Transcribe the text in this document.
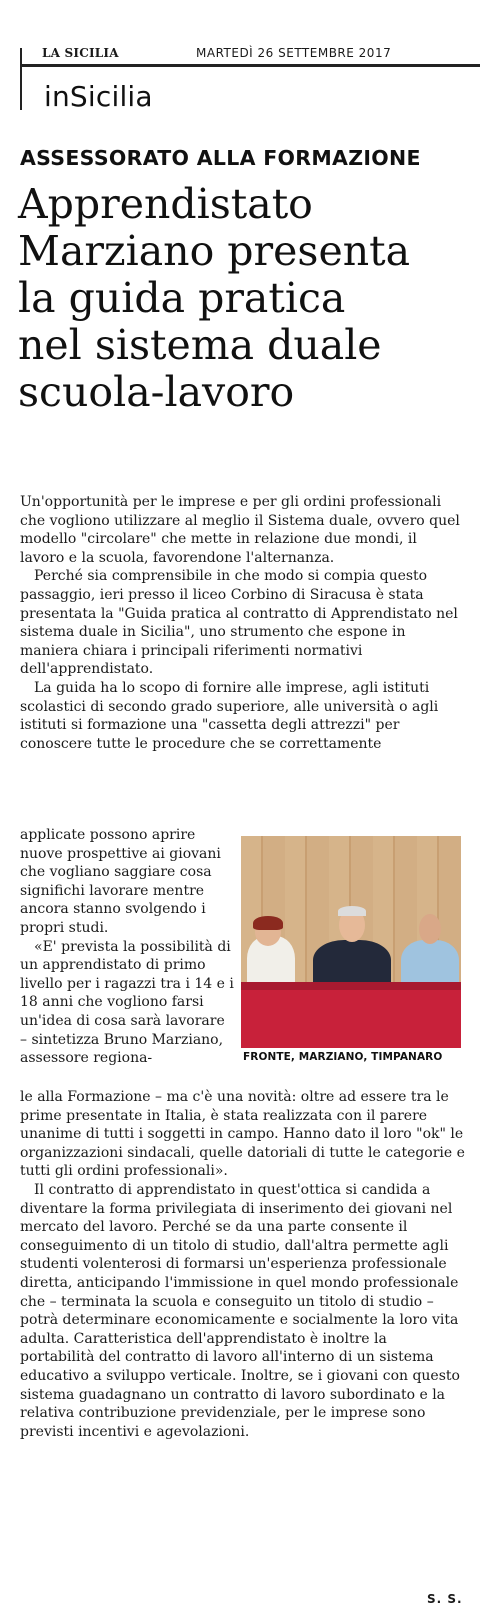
LA SICILIA	MARTEDÌ 26 SETTEMBRE 2017
inSicilia
ASSESSORATO ALLA FORMAZIONE
Apprendistato
Marziano presenta
la guida pratica
nel sistema duale
scuola-lavoro

Un'opportunità per le imprese e per gli ordini professionali che vogliono utilizzare al meglio il Sistema duale, ovvero quel modello "circolare" che mette in relazione due mondi, il lavoro e la scuola, favorendone l'alternanza.

Perché sia comprensibile in che modo si compia questo passaggio, ieri presso il liceo Corbino di Siracusa è stata presentata la "Guida pratica al contratto di Apprendistato nel sistema duale in Sicilia", uno strumento che espone in maniera chiara i principali riferimenti normativi dell'apprendistato.

La guida ha lo scopo di fornire alle imprese, agli istituti scolastici di secondo grado superiore, alle università o agli istituti si formazione una "cassetta degli attrezzi" per conoscere tutte le procedure che se correttamente

applicate possono aprire nuove prospettive ai giovani che vogliano saggiare cosa significhi lavorare mentre ancora stanno svolgendo i propri studi.

«E' prevista la possibilità di un apprendistato di primo livello per i ragazzi tra i 14 e i 18 anni che vogliono farsi un'idea di cosa sarà lavorare – sintetizza Bruno Marziano, assessore regiona-	FRONTE, MARZIANO, TIMPANARO

le alla Formazione – ma c'è una novità: oltre ad essere tra le prime presentate in Italia, è stata realizzata con il parere unanime di tutti i soggetti in campo. Hanno dato il loro "ok" le organizzazioni sindacali, quelle datoriali di tutte le categorie e tutti gli ordini professionali».

Il contratto di apprendistato in quest'ottica si candida a diventare la forma privilegiata di inserimento dei giovani nel mercato del lavoro. Perché se da una parte consente il conseguimento di un titolo di studio, dall'altra permette agli studenti volenterosi di formarsi un'esperienza professionale diretta, anticipando l'immissione in quel mondo professionale che – terminata la scuola e conseguito un titolo di studio – potrà determinare economicamente e socialmente la loro vita adulta. Caratteristica dell'apprendistato è inoltre la portabilità del contratto di lavoro all'interno di un sistema educativo a sviluppo verticale. Inoltre, se i giovani con questo sistema guadagnano un contratto di lavoro subordinato e la relativa contribuzione previdenziale, per le imprese sono previsti incentivi e agevolazioni.

S. S.
